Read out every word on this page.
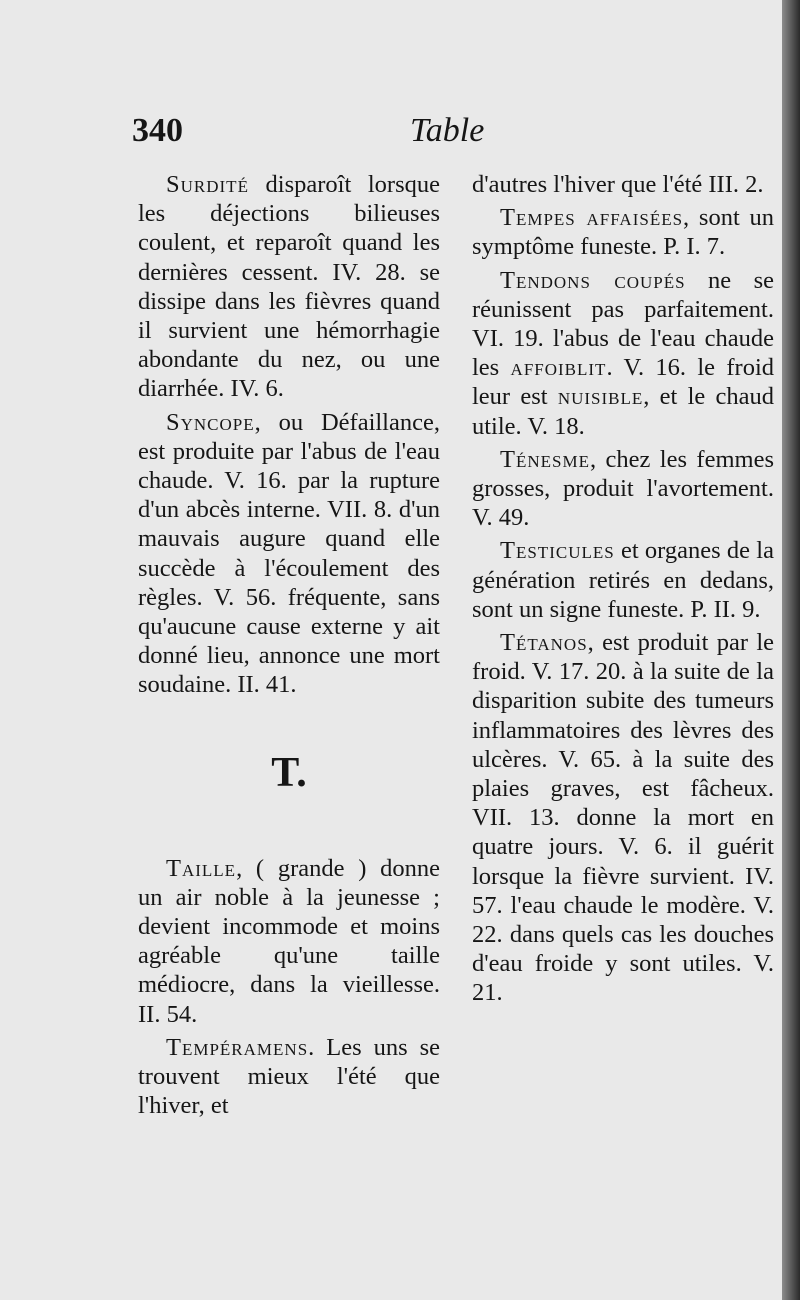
340	Table

Surdité disparoît lorsque les déjections bilieuses coulent, et reparoît quand les dernières cessent. IV. 28. se dissipe dans les fièvres quand il survient une hémorrhagie abondante du nez, ou une diarrhée. IV. 6.

Syncope, ou Défaillance, est produite par l'abus de l'eau chaude. V. 16. par la rupture d'un abcès interne. VII. 8. d'un mauvais augure quand elle succède à l'écoulement des règles. V. 56. fréquente, sans qu'aucune cause externe y ait donné lieu, annonce une mort soudaine. II. 41.

T.

Taille, ( grande ) donne un air noble à la jeunesse ; devient incommode et moins agréable qu'une taille médiocre, dans la vieillesse. II. 54.

Tempéramens. Les uns se trouvent mieux l'été que l'hiver, et

d'autres l'hiver que l'été III. 2.

Tempes affaisées, sont un symptôme funeste. P. I. 7.

Tendons coupés ne se réunissent pas parfaitement. VI. 19. l'abus de l'eau chaude les affoiblit. V. 16. le froid leur est nuisible, et le chaud utile. V. 18.

Ténesme, chez les femmes grosses, produit l'avortement. V. 49.

Testicules et organes de la génération retirés en dedans, sont un signe funeste. P. II. 9.

Tétanos, est produit par le froid. V. 17. 20. à la suite de la disparition subite des tumeurs inflammatoires des lèvres des ulcères. V. 65. à la suite des plaies graves, est fâcheux. VII. 13. donne la mort en quatre jours. V. 6. il guérit lorsque la fièvre survient. IV. 57. l'eau chaude le modère. V. 22. dans quels cas les douches d'eau froide y sont utiles. V. 21.
